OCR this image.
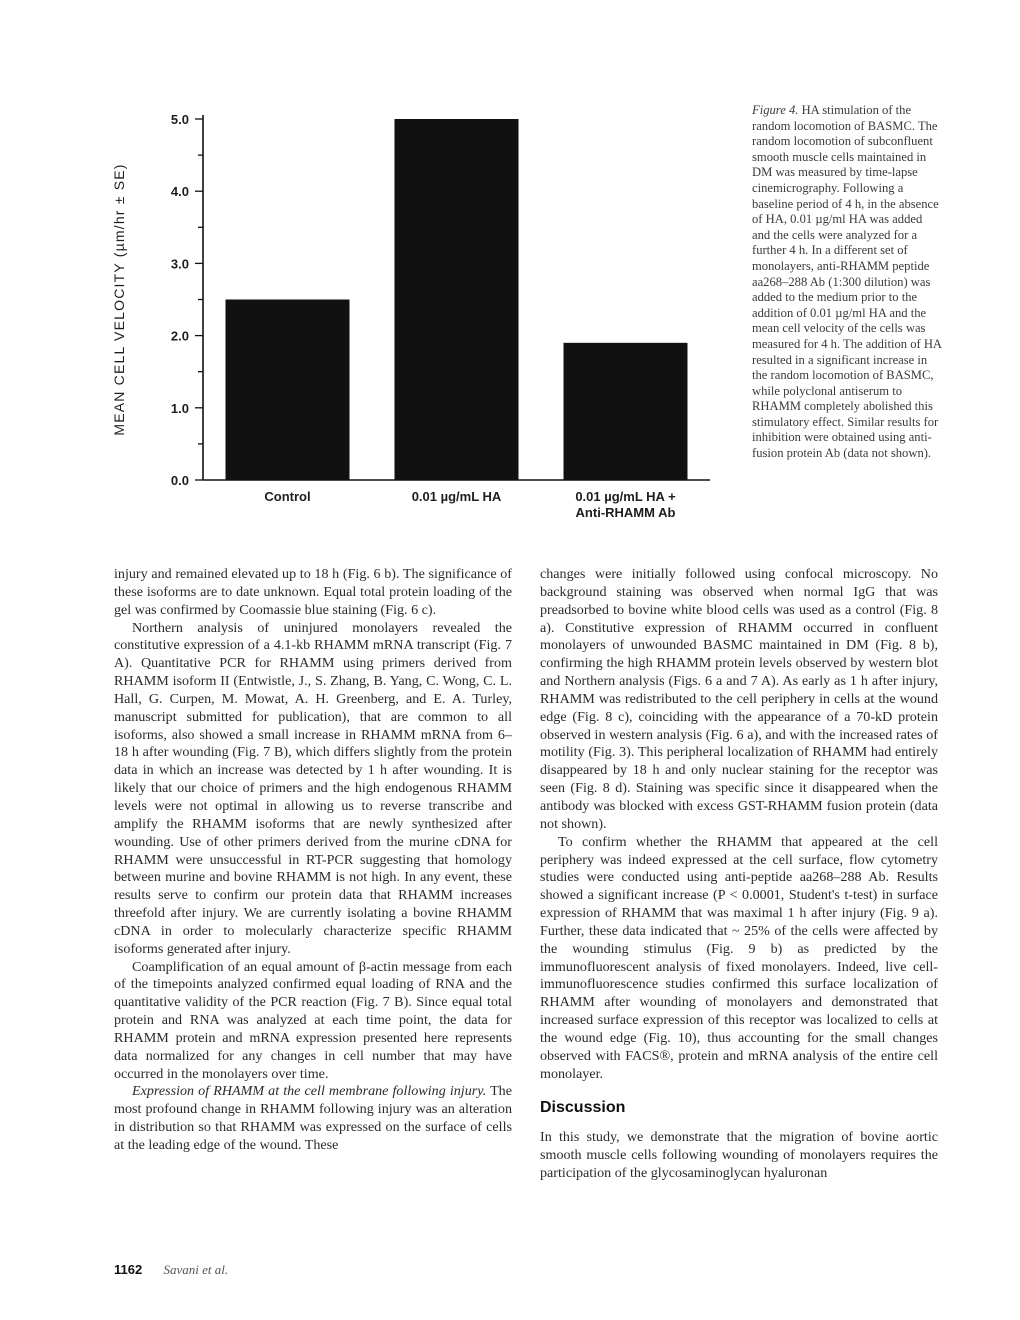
0.0
1.0
2.0
3.0
4.0
5.0
MEAN CELL VELOCITY (µm/hr ± SE)
Control	0.01 µg/mL HA	0.01 µg/mL HA +
Anti-RHAMM Ab
Figure 4. HA stimulation of the random locomotion of BASMC. The random locomotion of subconfluent smooth muscle cells maintained in DM was measured by time-lapse cinemicrography. Following a baseline period of 4 h, in the absence of HA, 0.01 µg/ml HA was added and the cells were analyzed for a further 4 h. In a different set of monolayers, anti-RHAMM peptide aa268–288 Ab (1:300 dilution) was added to the medium prior to the addition of 0.01 µg/ml HA and the mean cell velocity of the cells was measured for 4 h. The addition of HA resulted in a significant increase in the random locomotion of BASMC, while polyclonal antiserum to RHAMM completely abolished this stimulatory effect. Similar results for inhibition were obtained using anti-fusion protein Ab (data not shown).

injury and remained elevated up to 18 h (Fig. 6 b). The significance of these isoforms are to date unknown. Equal total protein loading of the gel was confirmed by Coomassie blue staining (Fig. 6 c).

Northern analysis of uninjured monolayers revealed the constitutive expression of a 4.1-kb RHAMM mRNA transcript (Fig. 7 A). Quantitative PCR for RHAMM using primers derived from RHAMM isoform II (Entwistle, J., S. Zhang, B. Yang, C. Wong, C. L. Hall, G. Curpen, M. Mowat, A. H. Greenberg, and E. A. Turley, manuscript submitted for publication), that are common to all isoforms, also showed a small increase in RHAMM mRNA from 6–18 h after wounding (Fig. 7 B), which differs slightly from the protein data in which an increase was detected by 1 h after wounding. It is likely that our choice of primers and the high endogenous RHAMM levels were not optimal in allowing us to reverse transcribe and amplify the RHAMM isoforms that are newly synthesized after wounding. Use of other primers derived from the murine cDNA for RHAMM were unsuccessful in RT-PCR suggesting that homology between murine and bovine RHAMM is not high. In any event, these results serve to confirm our protein data that RHAMM increases threefold after injury. We are currently isolating a bovine RHAMM cDNA in order to molecularly characterize specific RHAMM isoforms generated after injury.

Coamplification of an equal amount of β-actin message from each of the timepoints analyzed confirmed equal loading of RNA and the quantitative validity of the PCR reaction (Fig. 7 B). Since equal total protein and RNA was analyzed at each time point, the data for RHAMM protein and mRNA expression presented here represents data normalized for any changes in cell number that may have occurred in the monolayers over time.

Expression of RHAMM at the cell membrane following injury. The most profound change in RHAMM following injury was an alteration in distribution so that RHAMM was expressed on the surface of cells at the leading edge of the wound. These

changes were initially followed using confocal microscopy. No background staining was observed when normal IgG that was preadsorbed to bovine white blood cells was used as a control (Fig. 8 a). Constitutive expression of RHAMM occurred in confluent monolayers of unwounded BASMC maintained in DM (Fig. 8 b), confirming the high RHAMM protein levels observed by western blot and Northern analysis (Figs. 6 a and 7 A). As early as 1 h after injury, RHAMM was redistributed to the cell periphery in cells at the wound edge (Fig. 8 c), coinciding with the appearance of a 70-kD protein observed in western analysis (Fig. 6 a), and with the increased rates of motility (Fig. 3). This peripheral localization of RHAMM had entirely disappeared by 18 h and only nuclear staining for the receptor was seen (Fig. 8 d). Staining was specific since it disappeared when the antibody was blocked with excess GST-RHAMM fusion protein (data not shown).

To confirm whether the RHAMM that appeared at the cell periphery was indeed expressed at the cell surface, flow cytometry studies were conducted using anti-peptide aa268–288 Ab. Results showed a significant increase (P < 0.0001, Student's t-test) in surface expression of RHAMM that was maximal 1 h after injury (Fig. 9 a). Further, these data indicated that ~ 25% of the cells were affected by the wounding stimulus (Fig. 9 b) as predicted by the immunofluorescent analysis of fixed monolayers. Indeed, live cell-immunofluorescence studies confirmed this surface localization of RHAMM after wounding of monolayers and demonstrated that increased surface expression of this receptor was localized to cells at the wound edge (Fig. 10), thus accounting for the small changes observed with FACS®, protein and mRNA analysis of the entire cell monolayer.

Discussion

In this study, we demonstrate that the migration of bovine aortic smooth muscle cells following wounding of monolayers requires the participation of the glycosaminoglycan hyaluronan

1162 Savani et al.
